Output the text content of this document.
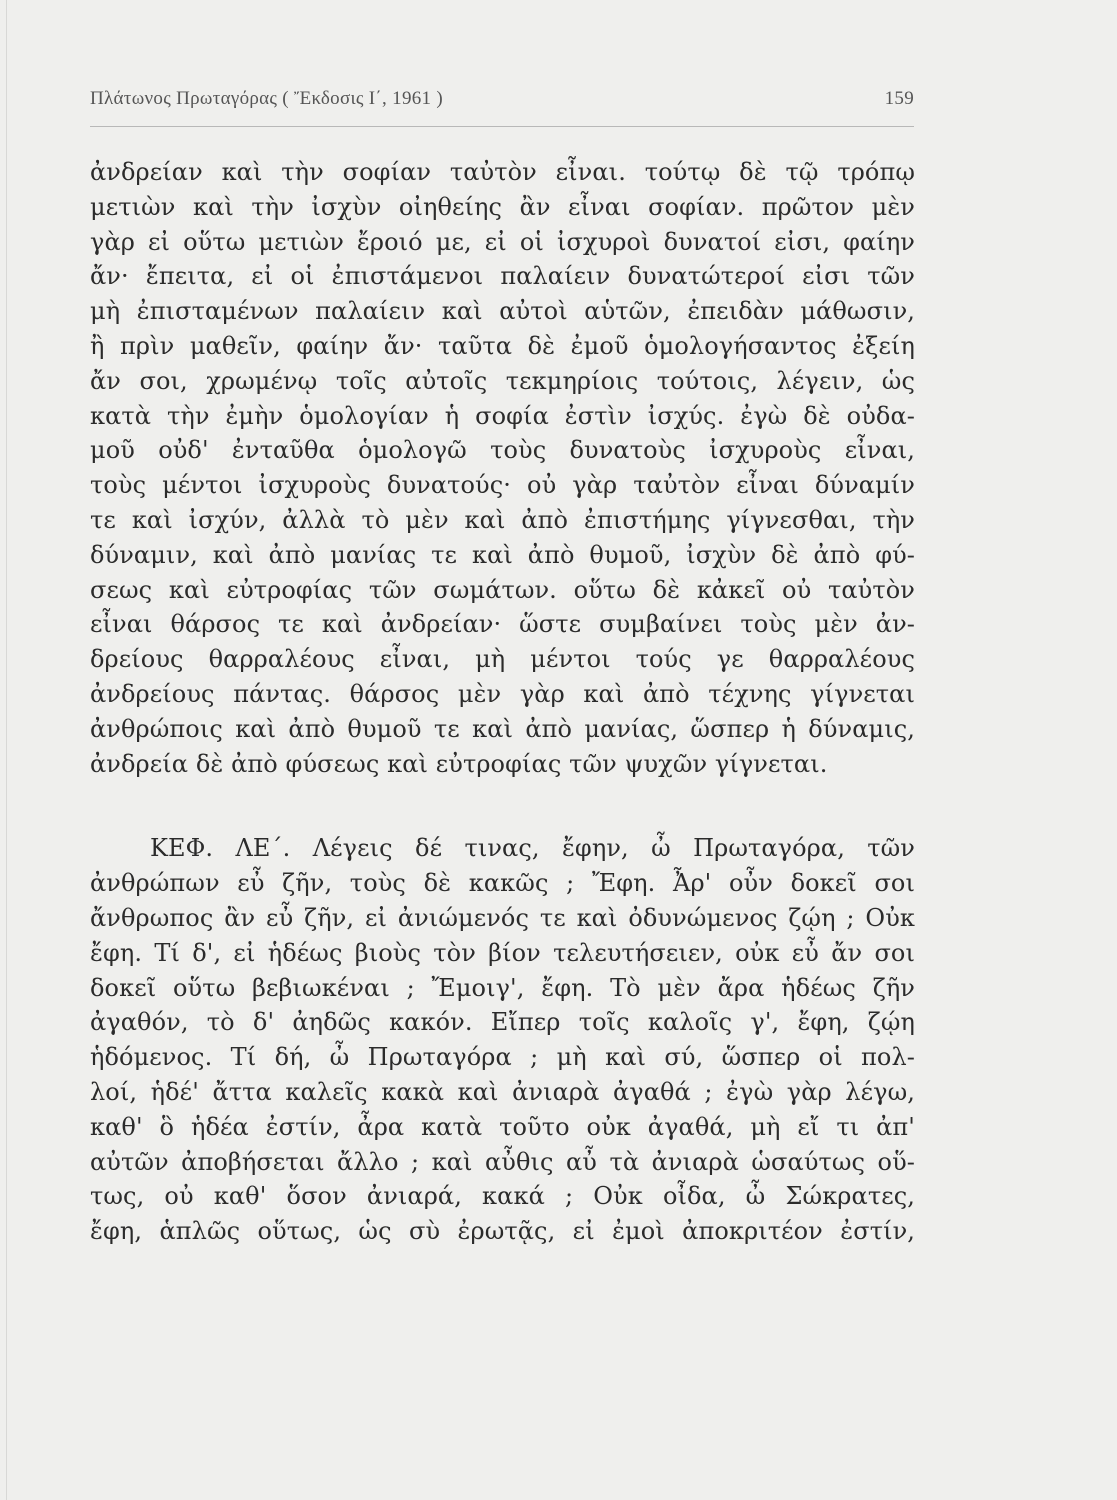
Πλάτωνος Πρωταγόρας ( Ἔκδοσις Ι΄, 1961 )	159
ἀνδρείαν καὶ τὴν σοφίαν ταὐτὸν εἶναι. τούτῳ δὲ τῷ τρόπῳ
μετιὼν καὶ τὴν ἰσχὺν οἰηθείης ἂν εἶναι σοφίαν. πρῶτον μὲν
γὰρ εἰ οὕτω μετιὼν ἔροιό με, εἰ οἱ ἰσχυροὶ δυνατοί εἰσι, φαίην
ἄν· ἔπειτα, εἰ οἱ ἐπιστάμενοι παλαίειν δυνατώτεροί εἰσι τῶν
μὴ ἐπισταμένων παλαίειν καὶ αὐτοὶ αὑτῶν, ἐπειδὰν μάθωσιν,
ἢ πρὶν μαθεῖν, φαίην ἄν· ταῦτα δὲ ἐμοῦ ὁμολογήσαντος ἐξείη
ἄν σοι, χρωμένῳ τοῖς αὐτοῖς τεκμηρίοις τούτοις, λέγειν, ὡς
κατὰ τὴν ἐμὴν ὁμολογίαν ἡ σοφία ἐστὶν ἰσχύς. ἐγὼ δὲ οὐδα-
μοῦ οὐδ' ἐνταῦθα ὁμολογῶ τοὺς δυνατοὺς ἰσχυροὺς εἶναι,
τοὺς μέντοι ἰσχυροὺς δυνατούς· οὐ γὰρ ταὐτὸν εἶναι δύναμίν
τε καὶ ἰσχύν, ἀλλὰ τὸ μὲν καὶ ἀπὸ ἐπιστήμης γίγνεσθαι, τὴν
δύναμιν, καὶ ἀπὸ μανίας τε καὶ ἀπὸ θυμοῦ, ἰσχὺν δὲ ἀπὸ φύ-
σεως καὶ εὐτροφίας τῶν σωμάτων. οὕτω δὲ κἀκεῖ οὐ ταὐτὸν
εἶναι θάρσος τε καὶ ἀνδρείαν· ὥστε συμβαίνει τοὺς μὲν ἀν-
δρείους θαρραλέους εἶναι, μὴ μέντοι τούς γε θαρραλέους
ἀνδρείους πάντας. θάρσος μὲν γὰρ καὶ ἀπὸ τέχνης γίγνεται
ἀνθρώποις καὶ ἀπὸ θυμοῦ τε καὶ ἀπὸ μανίας, ὥσπερ ἡ δύναμις,
ἀνδρεία δὲ ἀπὸ φύσεως καὶ εὐτροφίας τῶν ψυχῶν γίγνεται.
ΚΕΦ. ΛΕ΄. Λέγεις δέ τινας, ἔφην, ὦ Πρωταγόρα, τῶν
ἀνθρώπων εὖ ζῆν, τοὺς δὲ κακῶς ; Ἔφη. Ἆρ' οὖν δοκεῖ σοι
ἄνθρωπος ἂν εὖ ζῆν, εἰ ἀνιώμενός τε καὶ ὀδυνώμενος ζῴη ; Οὐκ
ἔφη. Τί δ', εἰ ἡδέως βιοὺς τὸν βίον τελευτήσειεν, οὐκ εὖ ἄν σοι
δοκεῖ οὕτω βεβιωκέναι ; Ἔμοιγ', ἔφη. Τὸ μὲν ἄρα ἡδέως ζῆν
ἀγαθόν, τὸ δ' ἀηδῶς κακόν. Εἴπερ τοῖς καλοῖς γ', ἔφη, ζῴη
ἡδόμενος. Τί δή, ὦ Πρωταγόρα ; μὴ καὶ σύ, ὥσπερ οἱ πολ-
λοί, ἡδέ' ἄττα καλεῖς κακὰ καὶ ἀνιαρὰ ἀγαθά ; ἐγὼ γὰρ λέγω,
καθ' ὃ ἡδέα ἐστίν, ἆρα κατὰ τοῦτο οὐκ ἀγαθά, μὴ εἴ τι ἀπ'
αὐτῶν ἀποβήσεται ἄλλο ; καὶ αὖθις αὖ τὰ ἀνιαρὰ ὡσαύτως οὕ-
τως, οὐ καθ' ὅσον ἀνιαρά, κακά ; Οὐκ οἶδα, ὦ Σώκρατες,
ἔφη, ἁπλῶς οὕτως, ὡς σὺ ἐρωτᾷς, εἰ ἐμοὶ ἀποκριτέον ἐστίν,
